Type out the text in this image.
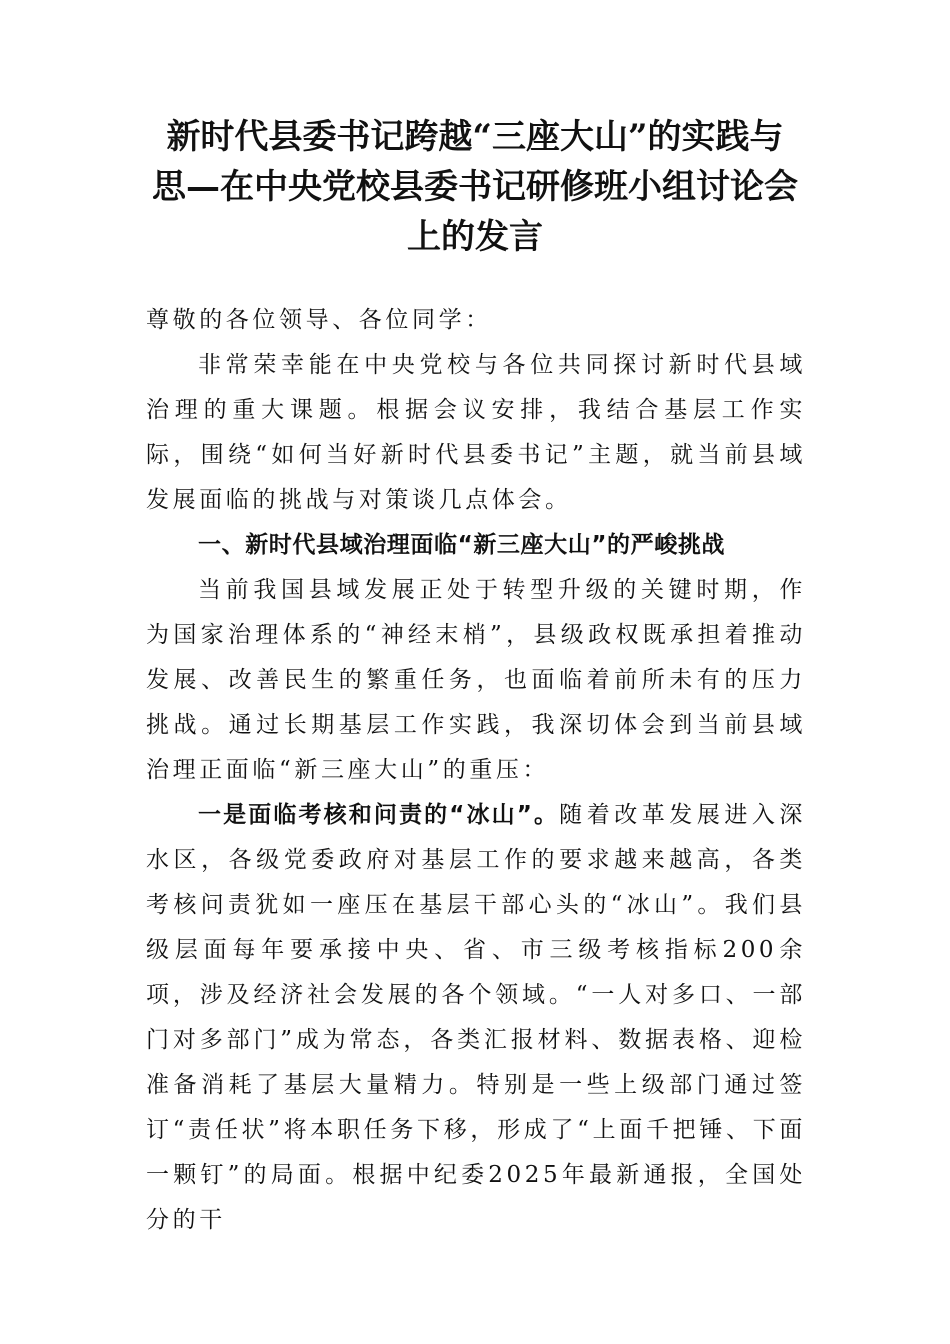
新时代县委书记跨越“三座大山”的实践与思—在中央党校县委书记研修班小组讨论会上的发言

尊敬的各位领导、各位同学：

非常荣幸能在中央党校与各位共同探讨新时代县域治理的重大课题。根据会议安排，我结合基层工作实际，围绕“如何当好新时代县委书记”主题，就当前县域发展面临的挑战与对策谈几点体会。

一、新时代县域治理面临“新三座大山”的严峻挑战

当前我国县域发展正处于转型升级的关键时期，作为国家治理体系的“神经末梢”，县级政权既承担着推动发展、改善民生的繁重任务，也面临着前所未有的压力挑战。通过长期基层工作实践，我深切体会到当前县域治理正面临“新三座大山”的重压：

一是面临考核和问责的“冰山”。随着改革发展进入深水区，各级党委政府对基层工作的要求越来越高，各类考核问责犹如一座压在基层干部心头的“冰山”。我们县级层面每年要承接中央、省、市三级考核指标200余项，涉及经济社会发展的各个领域。“一人对多口、一部门对多部门”成为常态，各类汇报材料、数据表格、迎检准备消耗了基层大量精力。特别是一些上级部门通过签订“责任状”将本职任务下移，形成了“上面千把锤、下面一颗钉”的局面。根据中纪委2025年最新通报，全国处分的干
